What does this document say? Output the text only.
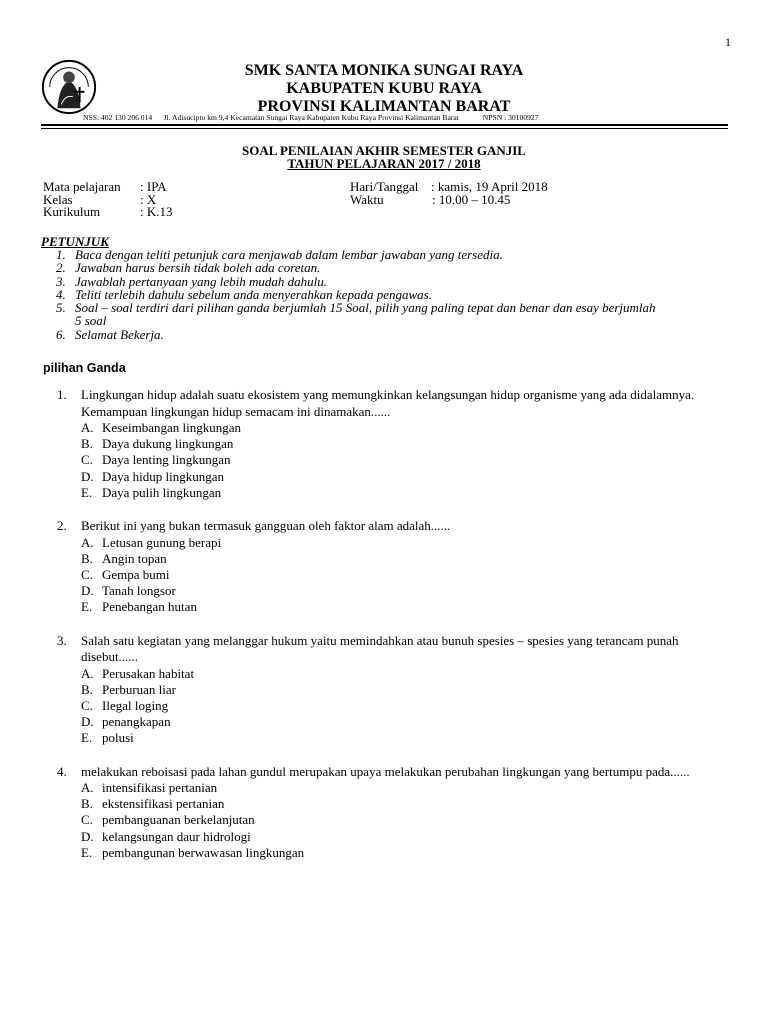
1
SMK SANTA MONIKA SUNGAI RAYA
KABUPATEN KUBU RAYA
PROVINSI KALIMANTAN BARAT
NSS: 402 130 206 014 Jl. Adisucipto km 9,4 Kecamatan Sungai Raya Kabupaten Kubu Raya Provinsi Kalimantan Barat	NPSN : 30100927
SOAL PENILAIAN AKHIR SEMESTER GANJIL
TAHUN PELAJARAN 2017 / 2018
Mata pelajaran : IPA
Kelas	: X
Kurikulum	: K.13
Hari/Tanggal : kamis, 19 April 2018
Waktu	: 10.00 – 10.45
PETUNJUK
1. Baca dengan teliti petunjuk cara menjawab dalam lembar jawaban yang tersedia.
2. Jawaban harus bersih tidak boleh ada coretan.
3. Jawablah pertanyaan yang lebih mudah dahulu.
4. Teliti terlebih dahulu sebelum anda menyerahkan kepada pengawas.
5. Soal – soal terdiri dari pilihan ganda berjumlah 15 Soal, pilih yang paling tepat dan benar dan esay berjumlah 5 soal
6. Selamat Bekerja.
pilihan Ganda
1. Lingkungan hidup adalah suatu ekosistem yang memungkinkan kelangsungan hidup organisme yang ada didalamnya. Kemampuan lingkungan hidup semacam ini dinamakan......
A. Keseimbangan lingkungan
B. Daya dukung lingkungan
C. Daya lenting lingkungan
D. Daya hidup lingkungan
E. Daya pulih lingkungan
2. Berikut ini yang bukan termasuk gangguan oleh faktor alam adalah......
A. Letusan gunung berapi
B. Angin topan
C. Gempa bumi
D. Tanah longsor
E. Penebangan hutan
3. Salah satu kegiatan yang melanggar hukum yaitu memindahkan atau bunuh spesies – spesies yang terancam punah disebut......
A. Perusakan habitat
B. Perburuan liar
C. Ilegal loging
D. penangkapan
E. polusi
4. melakukan reboisasi pada lahan gundul merupakan upaya melakukan perubahan lingkungan yang bertumpu pada......
A. intensifikasi pertanian
B. ekstensifikasi pertanian
C. pembanguanan berkelanjutan
D. kelangsungan daur hidrologi
E. pembangunan berwawasan lingkungan
